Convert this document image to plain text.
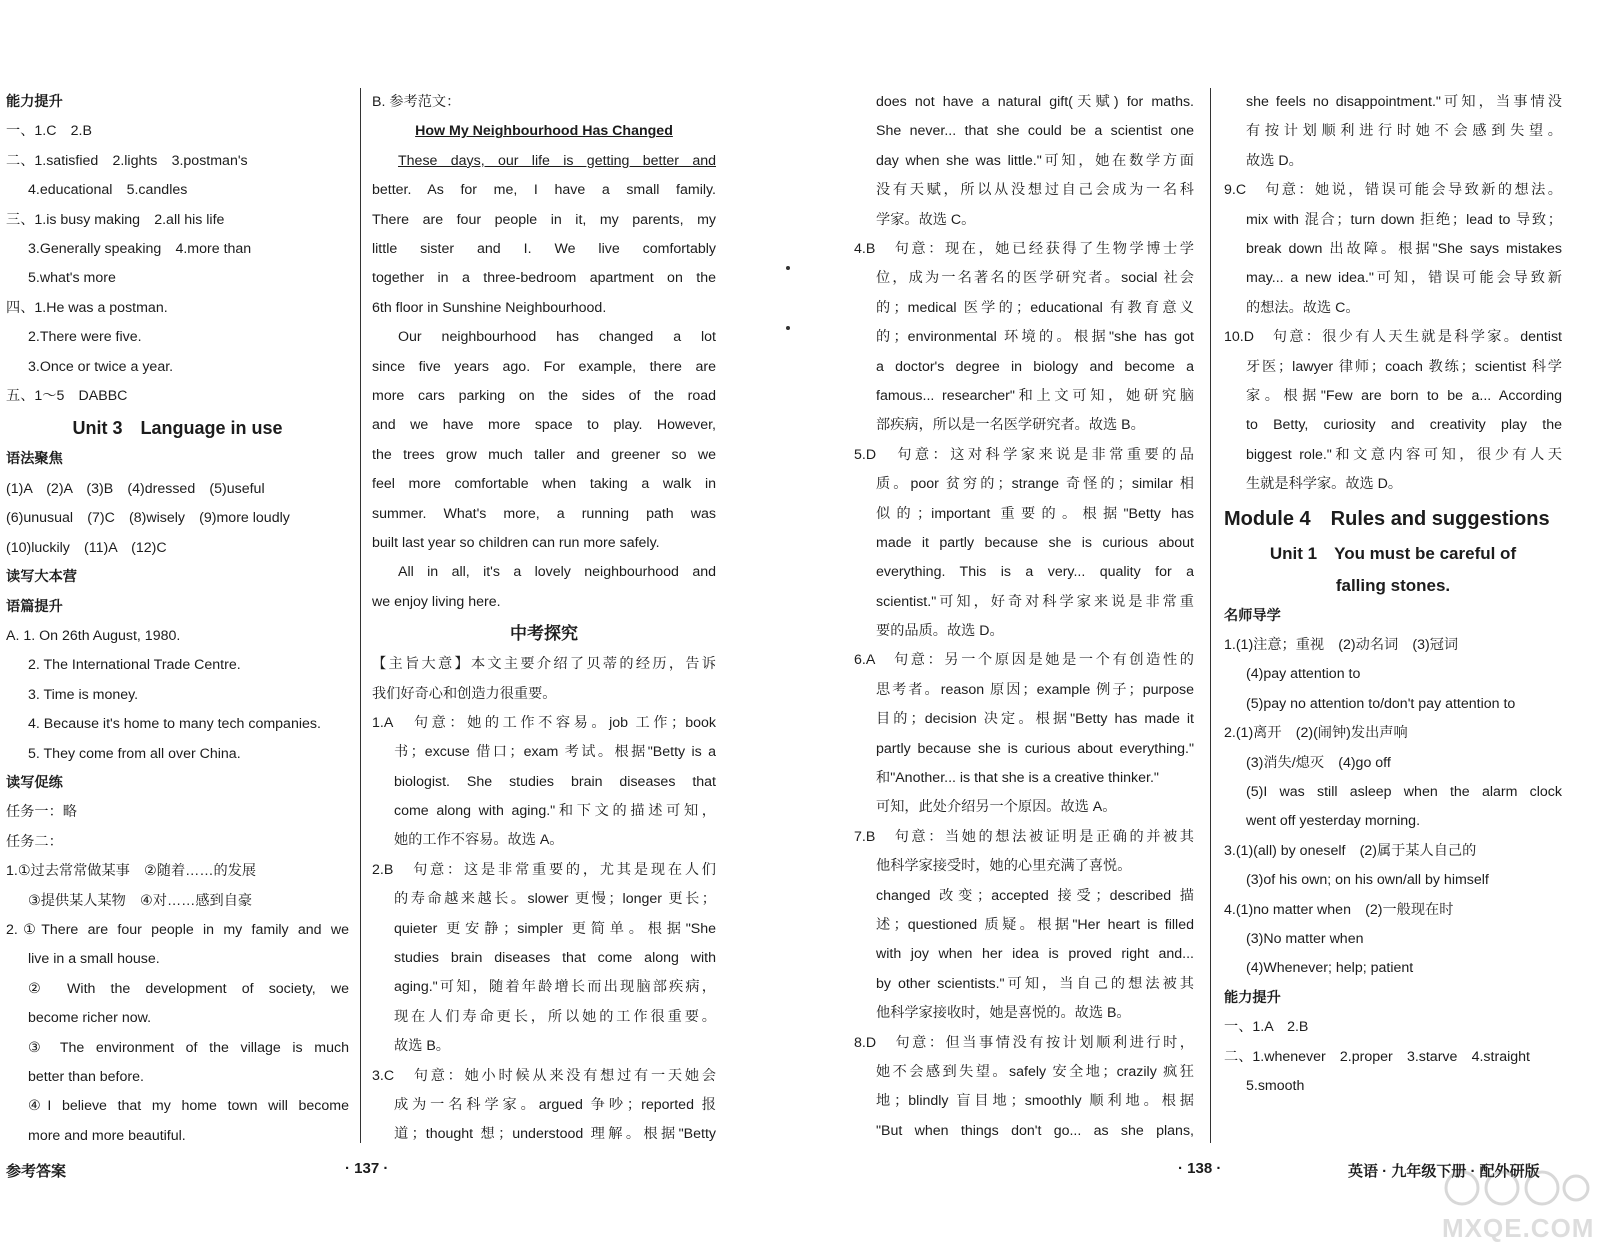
能力提升
一、1.C　2.B
二、1.satisfied　2.lights　3.postman's
4.educational　5.candles
三、1.is busy making　2.all his life
3.Generally speaking　4.more than
5.what's more
四、1.He was a postman.
2.There were five.
3.Once or twice a year.
五、1～5　DABBC
Unit 3　Language in use
语法聚焦
(1)A　(2)A　(3)B　(4)dressed　(5)useful
(6)unusual　(7)C　(8)wisely　(9)more loudly
(10)luckily　(11)A　(12)C
读写大本营
语篇提升
A. 1. On 26th August, 1980.
2. The International Trade Centre.
3. Time is money.
4. Because it's home to many tech companies.
5. They come from all over China.
读写促练
任务一：略
任务二：
1.①过去常常做某事　②随着……的发展
③提供某人某物　④对……感到自豪
2.①There are four people in my family and we
live in a small house.
② With the development of society, we
become richer now.
③ The environment of the village is much
better than before.
④I believe that my home town will become
more and more beautiful.
B. 参考范文：
How My Neighbourhood Has Changed
These days, our life is getting better and
better. As for me, I have a small family.
There are four people in it, my parents, my
little sister and I. We live comfortably
together in a three-bedroom apartment on the
6th floor in Sunshine Neighbourhood.
Our neighbourhood has changed a lot
since five years ago. For example, there are
more cars parking on the sides of the road
and we have more space to play. However,
the trees grow much taller and greener so we
feel more comfortable when taking a walk in
summer. What's more, a running path was
built last year so children can run more safely.
All in all, it's a lovely neighbourhood and
we enjoy living here.
中考探究
【主旨大意】本文主要介绍了贝蒂的经历，告诉
我们好奇心和创造力很重要。
1.A　句意：她的工作不容易。job 工作；book
书；excuse 借口；exam 考试。根据"Betty is a
biologist. She studies brain diseases that
come along with aging."和下文的描述可知，
她的工作不容易。故选 A。
2.B　句意：这是非常重要的，尤其是现在人们
的寿命越来越长。slower 更慢；longer 更长；
quieter 更安静；simpler 更简单。根据"She
studies brain diseases that come along with
aging."可知，随着年龄增长而出现脑部疾病，
现在人们寿命更长，所以她的工作很重要。
故选 B。
3.C　句意：她小时候从来没有想过有一天她会
成为一名科学家。argued 争吵；reported 报
道；thought 想；understood 理解。根据"Betty
参考答案	· 137 ·
does not have a natural gift(天赋) for maths.
She never... that she could be a scientist one
day when she was little."可知，她在数学方面
没有天赋，所以从没想过自己会成为一名科
学家。故选 C。
4.B　句意：现在，她已经获得了生物学博士学
位，成为一名著名的医学研究者。social 社会
的；medical 医学的；educational 有教育意义
的；environmental 环境的。根据"she has got
a doctor's degree in biology and become a
famous... researcher"和上文可知，她研究脑
部疾病，所以是一名医学研究者。故选 B。
5.D　句意：这对科学家来说是非常重要的品
质。poor 贫穷的；strange 奇怪的；similar 相
似的；important 重要的。根据"Betty has
made it partly because she is curious about
everything. This is a very... quality for a
scientist."可知，好奇对科学家来说是非常重
要的品质。故选 D。
6.A　句意：另一个原因是她是一个有创造性的
思考者。reason 原因；example 例子；purpose
目的；decision 决定。根据"Betty has made it
partly because she is curious about everything."
和"Another... is that she is a creative thinker."
可知，此处介绍另一个原因。故选 A。
7.B　句意：当她的想法被证明是正确的并被其
他科学家接受时，她的心里充满了喜悦。
changed 改变；accepted 接受；described 描
述；questioned 质疑。根据"Her heart is filled
with joy when her idea is proved right and...
by other scientists."可知，当自己的想法被其
他科学家接收时，她是喜悦的。故选 B。
8.D　句意：但当事情没有按计划顺利进行时，
她不会感到失望。safely 安全地；crazily 疯狂
地；blindly 盲目地；smoothly 顺利地。根据
"But when things don't go... as she plans,
she feels no disappointment."可知，当事情没
有按计划顺利进行时她不会感到失望。
故选 D。
9.C　句意：她说，错误可能会导致新的想法。
mix with 混合；turn down 拒绝；lead to 导致；
break down 出故障。根据"She says mistakes
may... a new idea."可知，错误可能会导致新
的想法。故选 C。
10.D　句意：很少有人天生就是科学家。dentist
牙医；lawyer 律师；coach 教练；scientist 科学
家。根据"Few are born to be a... According
to Betty, curiosity and creativity play the
biggest role."和文意内容可知，很少有人天
生就是科学家。故选 D。
Module 4　Rules and suggestions
Unit 1　You must be careful of
falling stones.
名师导学
1.(1)注意；重视　(2)动名词　(3)冠词
(4)pay attention to
(5)pay no attention to/don't pay attention to
2.(1)离开　(2)(闹钟)发出声响
(3)消失/熄灭　(4)go off
(5)I was still asleep when the alarm clock
went off yesterday morning.
3.(1)(all) by oneself　(2)属于某人自己的
(3)of his own; on his own/all by himself
4.(1)no matter when　(2)一般现在时
(3)No matter when
(4)Whenever; help; patient
能力提升
一、1.A　2.B
二、1.whenever　2.proper　3.starve　4.straight
5.smooth
· 138 ·	英语 · 九年级下册 · 配外研版
MXQE.COM
